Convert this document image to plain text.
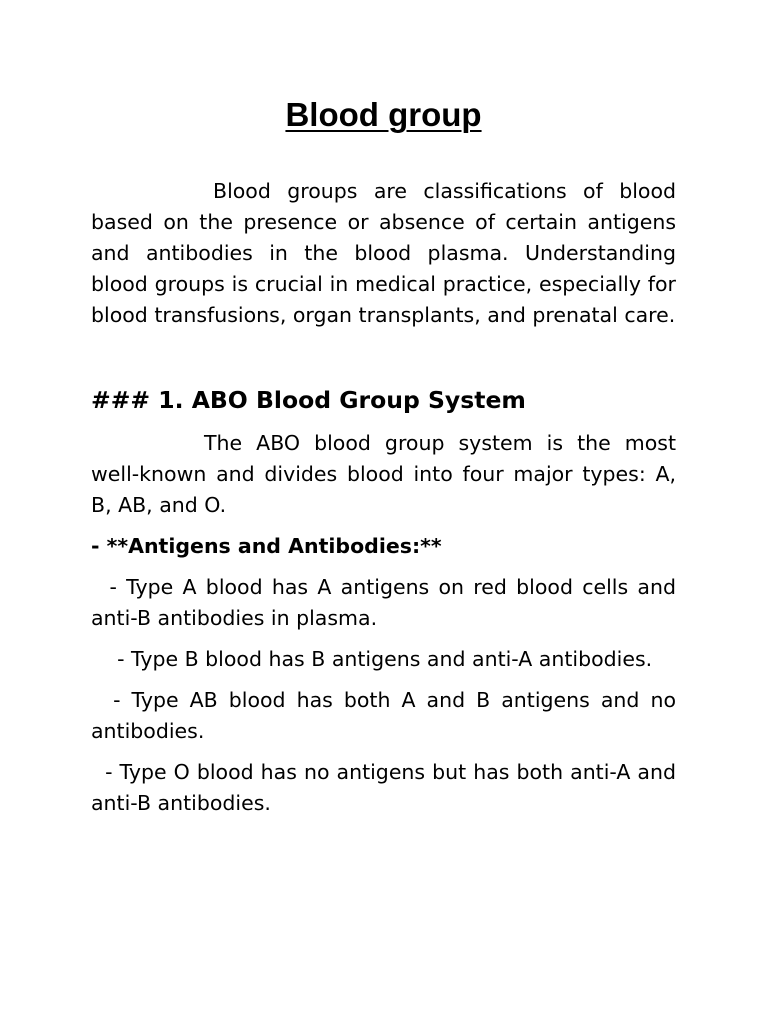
Blood group

Blood groups are classifications of blood based on the presence or absence of certain antigens and antibodies in the blood plasma. Understanding blood groups is crucial in medical practice, especially for blood transfusions, organ transplants, and prenatal care.

### 1. ABO Blood Group System

The ABO blood group system is the most well-known and divides blood into four major types: A, B, AB, and O.

- **Antigens and Antibodies:**

- Type A blood has A antigens on red blood cells and anti-B antibodies in plasma.

- Type B blood has B antigens and anti-A antibodies.

- Type AB blood has both A and B antigens and no antibodies.

- Type O blood has no antigens but has both anti-A and anti-B antibodies.
